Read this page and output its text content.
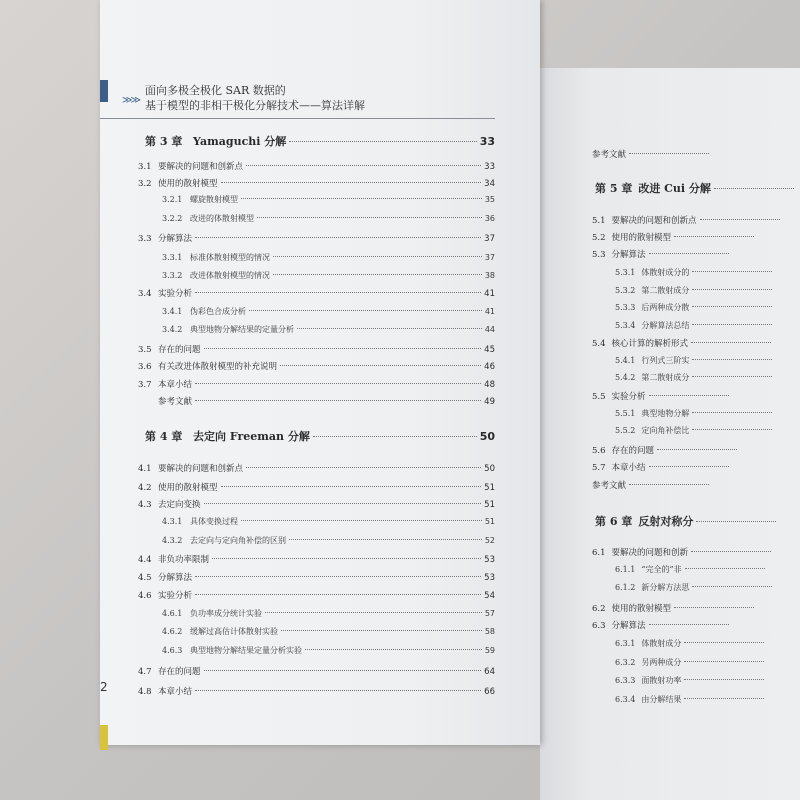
参考文献
第 5 章 改进 Cui 分解
5.1 要解决的问题和创新点
5.2 使用的散射模型
5.3 分解算法
5.3.1 体散射成分的
5.3.2 第二散射成分
5.3.3 后两种成分散
5.3.4 分解算法总结
5.4 核心计算的解析形式
5.4.1 行列式三阶实
5.4.2 第二散射成分
5.5 实验分析
5.5.1 典型地物分解
5.5.2 定向角补偿比
5.6 存在的问题
5.7 本章小结
参考文献
第 6 章 反射对称分
6.1 要解决的问题和创新
6.1.1 “完全的”非
6.1.2 新分解方法思
6.2 使用的散射模型
6.3 分解算法
6.3.1 体散射成分
6.3.2 另两种成分
6.3.3 面散射功率
6.3.4 由分解结果
≫≫
面向多极全极化 SAR 数据的
基于模型的非相干极化分解技术——算法详解
第 3 章 Yamaguchi 分解	33
3.1 要解决的问题和创新点	33
3.2 使用的散射模型	34
3.2.1 螺旋散射模型	35
3.2.2 改进的体散射模型	36
3.3 分解算法	37
3.3.1 标准体散射模型的情况	37
3.3.2 改进体散射模型的情况	38
3.4 实验分析	41
3.4.1 伪彩色合成分析	41
3.4.2 典型地物分解结果的定量分析	44
3.5 存在的问题	45
3.6 有关改进体散射模型的补充说明	46
3.7 本章小结	48
参考文献	49
第 4 章 去定向 Freeman 分解	50
4.1 要解决的问题和创新点	50
4.2 使用的散射模型	51
4.3 去定向变换	51
4.3.1 具体变换过程	51
4.3.2 去定向与定向角补偿的区别	52
4.4 非负功率限制	53
4.5 分解算法	53
4.6 实验分析	54
4.6.1 负功率成分统计实验	57
4.6.2 缓解过高估计体散射实验	58
4.6.3 典型地物分解结果定量分析实验	59
4.7 存在的问题	64
4.8 本章小结	66
2
